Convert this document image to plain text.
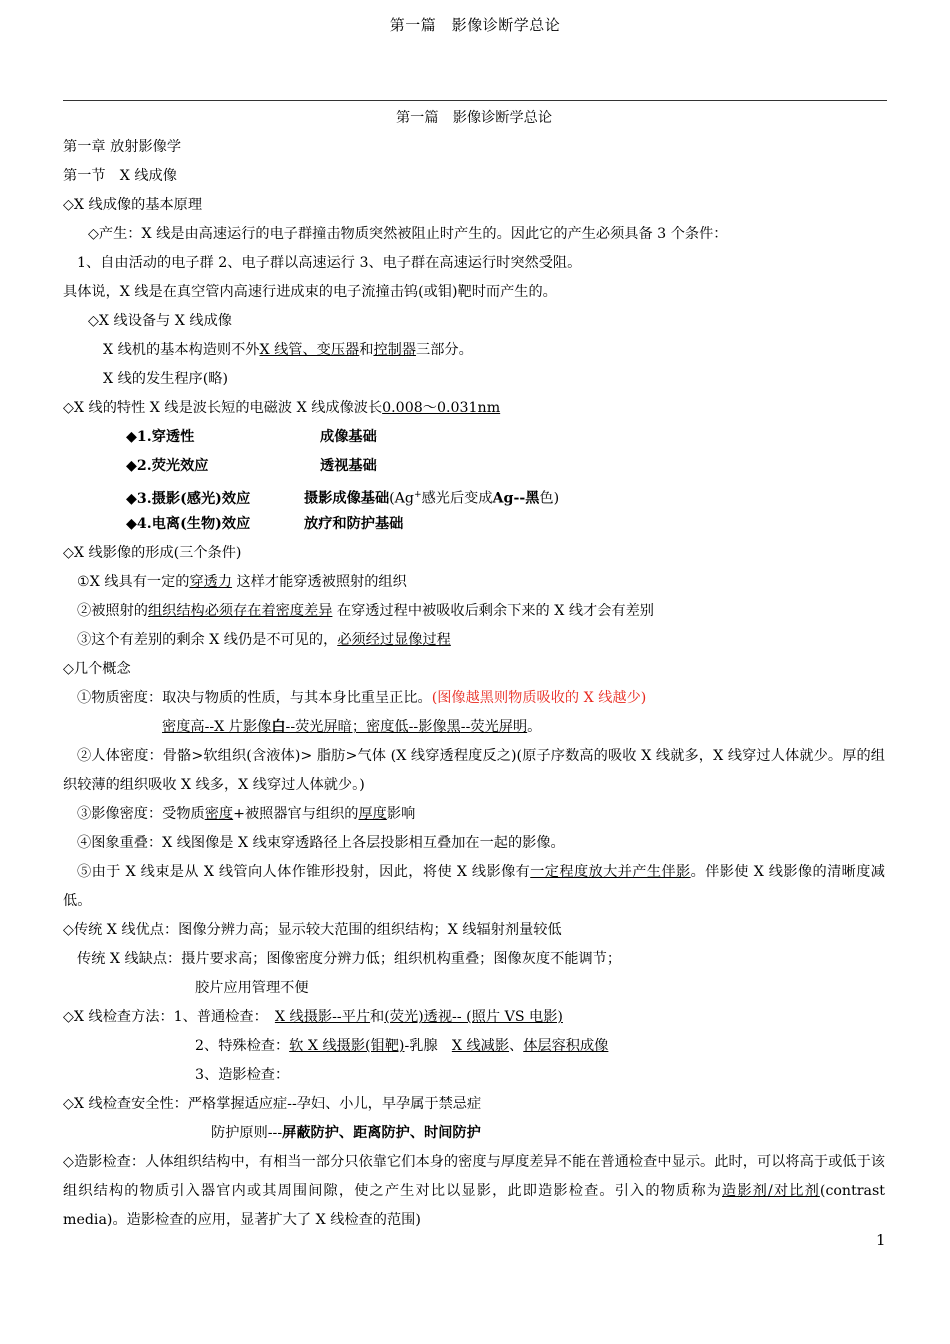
第一篇　影像诊断学总论
第一篇　影像诊断学总论
第一章 放射影像学
第一节　X 线成像
◇X 线成像的基本原理
◇产生：X 线是由高速运行的电子群撞击物质突然被阻止时产生的。因此它的产生必须具备 3 个条件：
1、自由活动的电子群 2、电子群以高速运行 3、电子群在高速运行时突然受阻。
具体说，X 线是在真空管内高速行进成束的电子流撞击钨(或钼)靶时而产生的。
◇X 线设备与 X 线成像
X 线机的基本构造则不外X 线管、变压器和控制器三部分。
X 线的发生程序(略)
◇X 线的特性 X 线是波长短的电磁波 X 线成像波长0.008～0.031nm
◆1.穿透性	成像基础
◆2.荧光效应	透视基础
◆3.摄影(感光)效应	摄影成像基础(Ag+感光后变成Ag--黑色)
◆4.电离(生物)效应	放疗和防护基础
◇X 线影像的形成(三个条件)
①X 线具有一定的穿透力 这样才能穿透被照射的组织
②被照射的组织结构必须存在着密度差异 在穿透过程中被吸收后剩余下来的 X 线才会有差别
③这个有差别的剩余 X 线仍是不可见的，必须经过显像过程
◇几个概念
①物质密度：取决与物质的性质，与其本身比重呈正比。(图像越黑则物质吸收的 X 线越少)
密度高--X 片影像白--荧光屏暗；密度低--影像黑--荧光屏明。
②人体密度：骨骼>软组织(含液体)> 脂肪>气体 (X 线穿透程度反之)(原子序数高的吸收 X 线就多，X 线穿过人体就少。厚的组织较薄的组织吸收 X 线多，X 线穿过人体就少。)
③影像密度：受物质密度+被照器官与组织的厚度影响
④图象重叠：X 线图像是 X 线束穿透路径上各层投影相互叠加在一起的影像。
⑤由于 X 线束是从 X 线管向人体作锥形投射，因此，将使 X 线影像有一定程度放大并产生伴影。伴影使 X 线影像的清晰度减低。
◇传统 X 线优点：图像分辨力高；显示较大范围的组织结构；X 线辐射剂量较低
传统 X 线缺点：摄片要求高；图像密度分辨力低；组织机构重叠；图像灰度不能调节；
胶片应用管理不便
◇X 线检查方法：1、普通检查：　X 线摄影--平片和(荧光)透视-- (照片 VS 电影)
2、特殊检查：软 X 线摄影(钼靶)-乳腺　X 线减影、体层容积成像
3、造影检查：
◇X 线检查安全性：严格掌握适应症--孕妇、小儿，早孕属于禁忌症
防护原则---屏蔽防护、距离防护、时间防护
◇造影检查：人体组织结构中，有相当一部分只依靠它们本身的密度与厚度差异不能在普通检查中显示。此时，可以将高于或低于该组织结构的物质引入器官内或其周围间隙，使之产生对比以显影，此即造影检查。引入的物质称为造影剂/对比剂(contrast media)。造影检查的应用，显著扩大了 X 线检查的范围)
1
